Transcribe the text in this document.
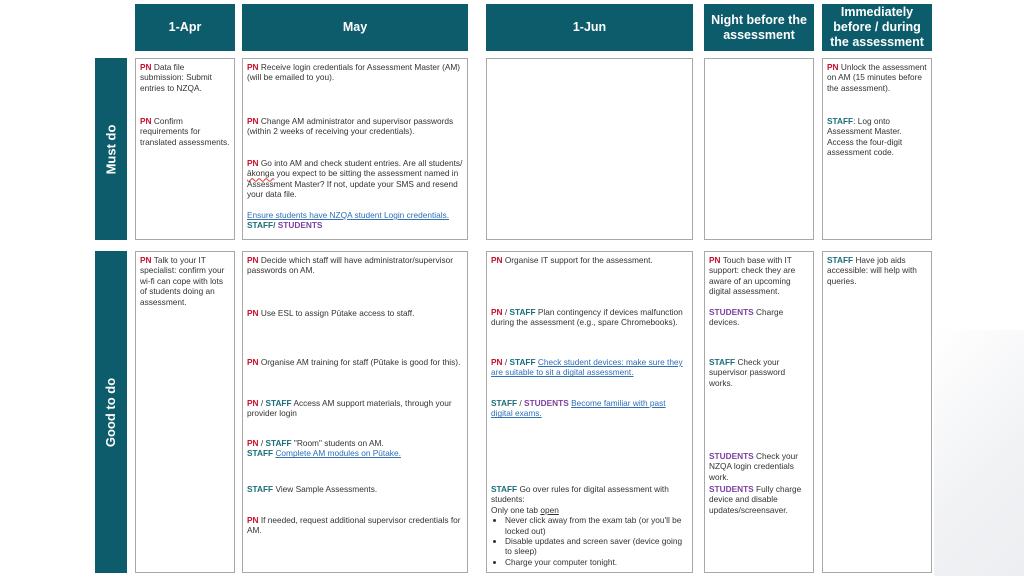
1-Apr	May	1-Jun
Night before the assessment
Immediately before / during the assessment
Must do
Good to do
PN Data file submission: Submit entries to NZQA.
PN Confirm requirements for translated assessments.
PN Receive login credentials for Assessment Master (AM) (will be emailed to you).
PN Change AM administrator and supervisor passwords (within 2 weeks of receiving your credentials).
PN Go into AM and check student entries. Are all students/ākonga you expect to be sitting the assessment named in Assessment Master? If not, update your SMS and resend your data file.
Ensure students have NZQA student Login credentials.
STAFF/ STUDENTS
PN Unlock the assessment on AM (15 minutes before the assessment).
STAFF: Log onto Assessment Master. Access the four-digit assessment code.
PN Talk to your IT specialist: confirm your wi-fi can cope with lots of students doing an assessment.
PN Decide which staff will have administrator/supervisor passwords on AM.
PN Use ESL to assign Pūtake access to staff.
PN Organise AM training for staff (Pūtake is good for this).
PN / STAFF Access AM support materials, through your provider login
PN / STAFF "Room" students on AM.
STAFF Complete AM modules on Pūtake.
STAFF View Sample Assessments.
PN If needed, request additional supervisor credentials for AM.
PN Organise IT support for the assessment.
PN / STAFF Plan contingency if devices malfunction during the assessment (e.g., spare Chromebooks).
PN / STAFF Check student devices: make sure they are suitable to sit a digital assessment.
STAFF / STUDENTS Become familiar with past digital exams.
STAFF Go over rules for digital assessment with students:
Only one tab open
• Never click away from the exam tab (or you'll be locked out)
• Disable updates and screen saver (device going to sleep)
• Charge your computer tonight.
PN Touch base with IT support: check they are aware of an upcoming digital assessment.
STUDENTS Charge devices.
STAFF Check your supervisor password works.
STUDENTS Check your NZQA login credentials work.
STUDENTS Fully charge device and disable updates/screensaver.
STAFF Have job aids accessible: will help with queries.
